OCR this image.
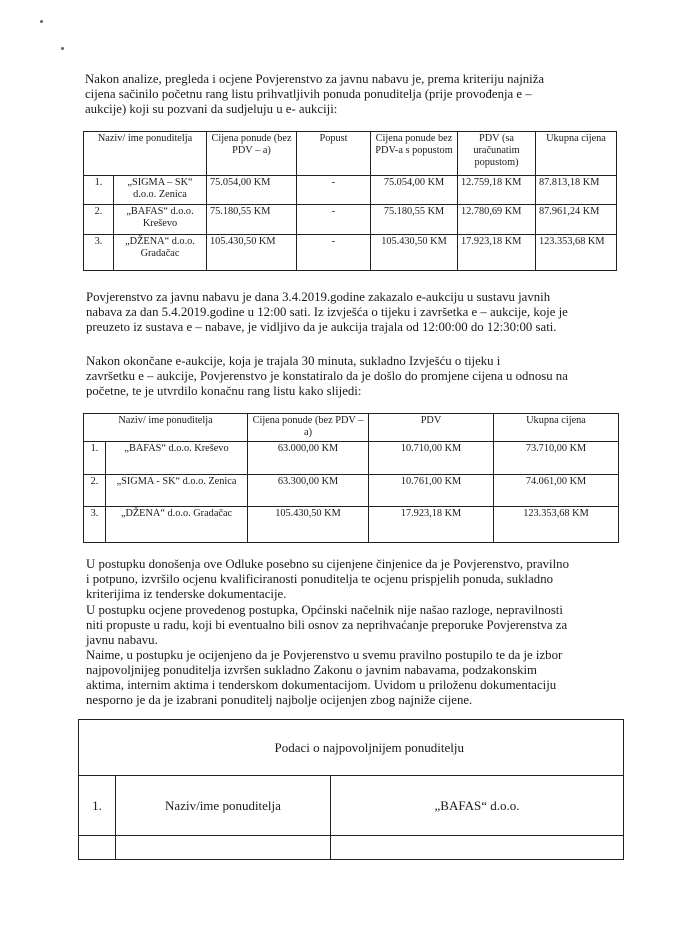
Nakon analize, pregleda i ocjene Povjerenstvo za javnu nabavu je, prema kriteriju najniža
cijena sačinilo početnu rang listu prihvatljivih ponuda ponuditelja (prije provođenja e –
aukcije) koji su pozvani da sudjeluju u e- aukciji:
Naziv/ ime ponuditelja		Cijena ponude (bez PDV – a)	Popust	Cijena ponude bez PDV-a s popustom	PDV (sa uračunatim popustom)	Ukupna cijena
1.	„SIGMA – SK“ d.o.o. Zenica	75.054,00 KM	-	75.054,00 KM	12.759,18 KM	87.813,18 KM
2.	„BAFAS“ d.o.o. Kreševo	75.180,55 KM	-	75.180,55 KM	12.780,69 KM	87.961,24 KM
3.	„DŽENA“ d.o.o. Gradačac	105.430,50 KM	-	105.430,50 KM	17.923,18 KM	123.353,68 KM
Povjerenstvo za javnu nabavu je dana 3.4.2019.godine zakazalo e-aukciju u sustavu javnih
nabava za dan 5.4.2019.godine u 12:00 sati. Iz izvješća o tijeku i završetka e – aukcije, koje je
preuzeto iz sustava e – nabave, je vidljivo da je aukcija trajala od 12:00:00 do 12:30:00 sati.
Nakon okončane e-aukcije, koja je trajala 30 minuta, sukladno Izvješću o tijeku i
završetku e – aukcije, Povjerenstvo je konstatiralo da je došlo do promjene cijena u odnosu na
početne, te je utvrdilo konačnu rang listu kako slijedi:
Naziv/ ime ponuditelja		Cijena ponude (bez PDV – a)	PDV	Ukupna cijena
1.	„BAFAS“ d.o.o. Kreševo	63.000,00 KM	10.710,00 KM	73.710,00 KM
2.	„SIGMA - SK“ d.o.o. Zenica	63.300,00 KM	10.761,00 KM	74.061,00 KM
3.	„DŽENA“ d.o.o. Gradačac	105.430,50 KM	17.923,18 KM	123.353,68 KM
U postupku donošenja ove Odluke posebno su cijenjene činjenice da je Povjerenstvo, pravilno
i potpuno, izvršilo ocjenu kvalificiranosti ponuditelja te ocjenu prispjelih ponuda, sukladno
kriterijima iz tenderske dokumentacije.
U postupku ocjene provedenog postupka, Općinski načelnik nije našao razloge, nepravilnosti
niti propuste u radu, koji bi eventualno bili osnov za neprihvaćanje preporuke Povjerenstva za
javnu nabavu.
Naime, u postupku je ocijenjeno da je Povjerenstvo u svemu pravilno postupilo te da je izbor
najpovoljnijeg ponuditelja izvršen sukladno Zakonu o javnim nabavama, podzakonskim
aktima, internim aktima i tenderskom dokumentacijom. Uvidom u priloženu dokumentaciju
nesporno je da je izabrani ponuditelj najbolje ocijenjen zbog najniže cijene.
	Podaci o najpovoljnijem ponuditelju	
1.	Naziv/ime ponuditelja	„BAFAS“ d.o.o.
